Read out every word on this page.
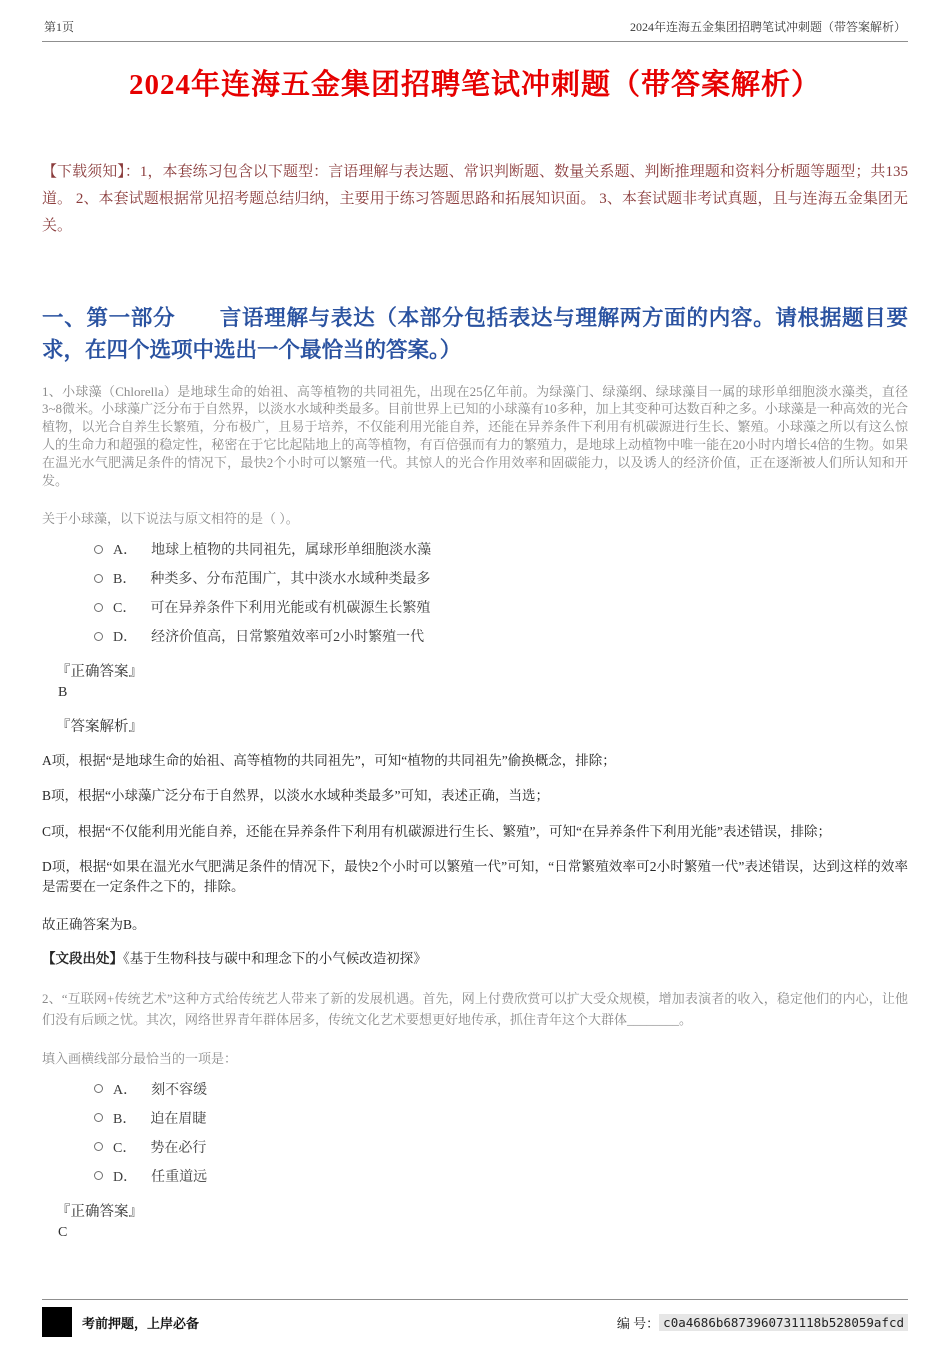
第1页	2024年连海五金集团招聘笔试冲刺题（带答案解析）
2024年连海五金集团招聘笔试冲刺题（带答案解析）
【下载须知】：1，本套练习包含以下题型：言语理解与表达题、常识判断题、数量关系题、判断推理题和资料分析题等题型；共135道。 2、本套试题根据常见招考题总结归纳，主要用于练习答题思路和拓展知识面。 3、本套试题非考试真题，且与连海五金集团无关。
一、第一部分　　言语理解与表达（本部分包括表达与理解两方面的内容。请根据题目要求，在四个选项中选出一个最恰当的答案。）
1、小球藻（Chlorella）是地球生命的始祖、高等植物的共同祖先，出现在25亿年前。为绿藻门、绿藻纲、绿球藻目一属的球形单细胞淡水藻类，直径3~8微米。小球藻广泛分布于自然界，以淡水水域种类最多。目前世界上已知的小球藻有10多种，加上其变种可达数百种之多。小球藻是一种高效的光合植物，以光合自养生长繁殖，分布极广，且易于培养，不仅能利用光能自养，还能在异养条件下利用有机碳源进行生长、繁殖。小球藻之所以有这么惊人的生命力和超强的稳定性，秘密在于它比起陆地上的高等植物，有百倍强而有力的繁殖力，是地球上动植物中唯一能在20小时内增长4倍的生物。如果在温光水气肥满足条件的情况下，最快2个小时可以繁殖一代。其惊人的光合作用效率和固碳能力，以及诱人的经济价值，正在逐渐被人们所认知和开发。
关于小球藻，以下说法与原文相符的是（ ）。
A． 地球上植物的共同祖先，属球形单细胞淡水藻
B． 种类多、分布范围广，其中淡水水域种类最多
C． 可在异养条件下利用光能或有机碳源生长繁殖
D． 经济价值高，日常繁殖效率可2小时繁殖一代
『正确答案』
B
『答案解析』
A项，根据“是地球生命的始祖、高等植物的共同祖先”，可知“植物的共同祖先”偷换概念，排除；
B项，根据“小球藻广泛分布于自然界，以淡水水域种类最多”可知，表述正确，当选；
C项，根据“不仅能利用光能自养，还能在异养条件下利用有机碳源进行生长、繁殖”，可知“在异养条件下利用光能”表述错误，排除；
D项，根据“如果在温光水气肥满足条件的情况下，最快2个小时可以繁殖一代”可知，“日常繁殖效率可2小时繁殖一代”表述错误，达到这样的效率是需要在一定条件之下的，排除。
故正确答案为B。
【文段出处】《基于生物科技与碳中和理念下的小气候改造初探》
2、“互联网+传统艺术”这种方式给传统艺人带来了新的发展机遇。首先，网上付费欣赏可以扩大受众规模，增加表演者的收入，稳定他们的内心，让他们没有后顾之忧。其次，网络世界青年群体居多，传统文化艺术要想更好地传承，抓住青年这个大群体________。
填入画横线部分最恰当的一项是：
A． 刻不容缓
B． 迫在眉睫
C． 势在必行
D． 任重道远
『正确答案』
C
考前押题，上岸必备	编 号： c0a4686b6873960731118b528059afcd
